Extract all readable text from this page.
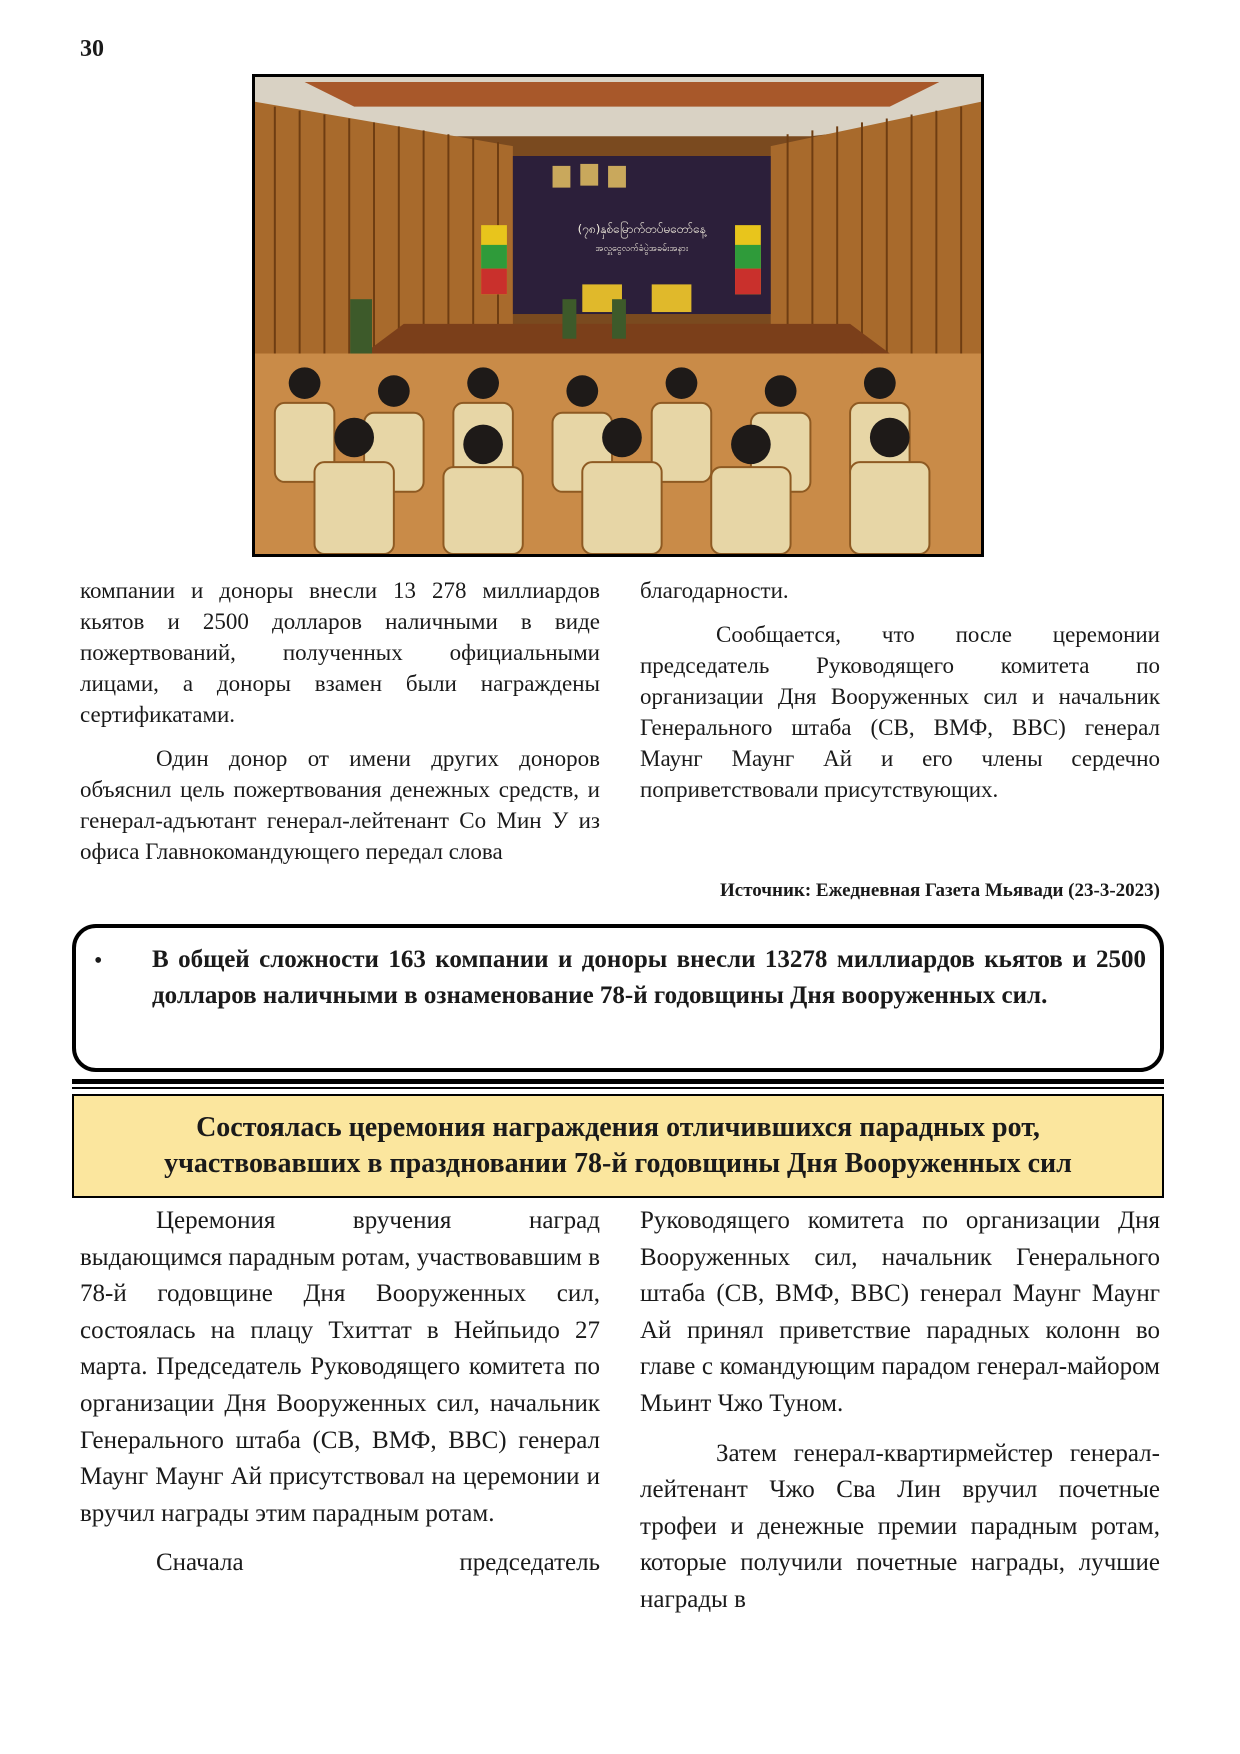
30
(၇၈)နှစ်မြောက်တပ်မတော်နေ့
အလှူငွေလက်ခံပွဲအခမ်းအနား

компании и доноры внесли 13 278 миллиардов кьятов и 2500 долларов наличными в виде пожертвований, полученных официальными лицами, а доноры взамен были награждены сертификатами.

Один донор от имени других доноров объяснил цель пожертвования денежных средств, и генерал-адъютант генерал-лейтенант Со Мин У из офиса Главнокомандующего передал слова

благодарности.

Сообщается, что после церемонии председатель Руководящего комитета по организации Дня Вооруженных сил и начальник Генерального штаба (СВ, ВМФ, ВВС) генерал Маунг Маунг Ай и его члены сердечно поприветствовали присутствующих.

Источник: Ежедневная Газета Мьявади (23-3-2023)
•	В общей сложности 163 компании и доноры внесли 13278 миллиардов кьятов и 2500 долларов наличными в ознаменование 78-й годовщины Дня вооруженных сил.
Состоялась церемония награждения отличившихся парадных рот,
участвовавших в праздновании 78-й годовщины Дня Вооруженных сил

Церемония вручения наград выдающимся парадным ротам, участвовавшим в 78-й годовщине Дня Вооруженных сил, состоялась на плацу Тхиттат в Нейпьидо 27 марта. Председатель Руководящего комитета по организации Дня Вооруженных сил, начальник Генерального штаба (СВ, ВМФ, ВВС) генерал Маунг Маунг Ай присутствовал на церемонии и вручил награды этим парадным ротам.

Сначала председатель

Руководящего комитета по организации Дня Вооруженных сил, начальник Генерального штаба (СВ, ВМФ, ВВС) генерал Маунг Маунг Ай принял приветствие парадных колонн во главе с командующим парадом генерал-майором Мьинт Чжо Туном.

Затем генерал-квартирмейстер генерал-лейтенант Чжо Сва Лин вручил почетные трофеи и денежные премии парадным ротам, которые получили почетные награды, лучшие награды в
